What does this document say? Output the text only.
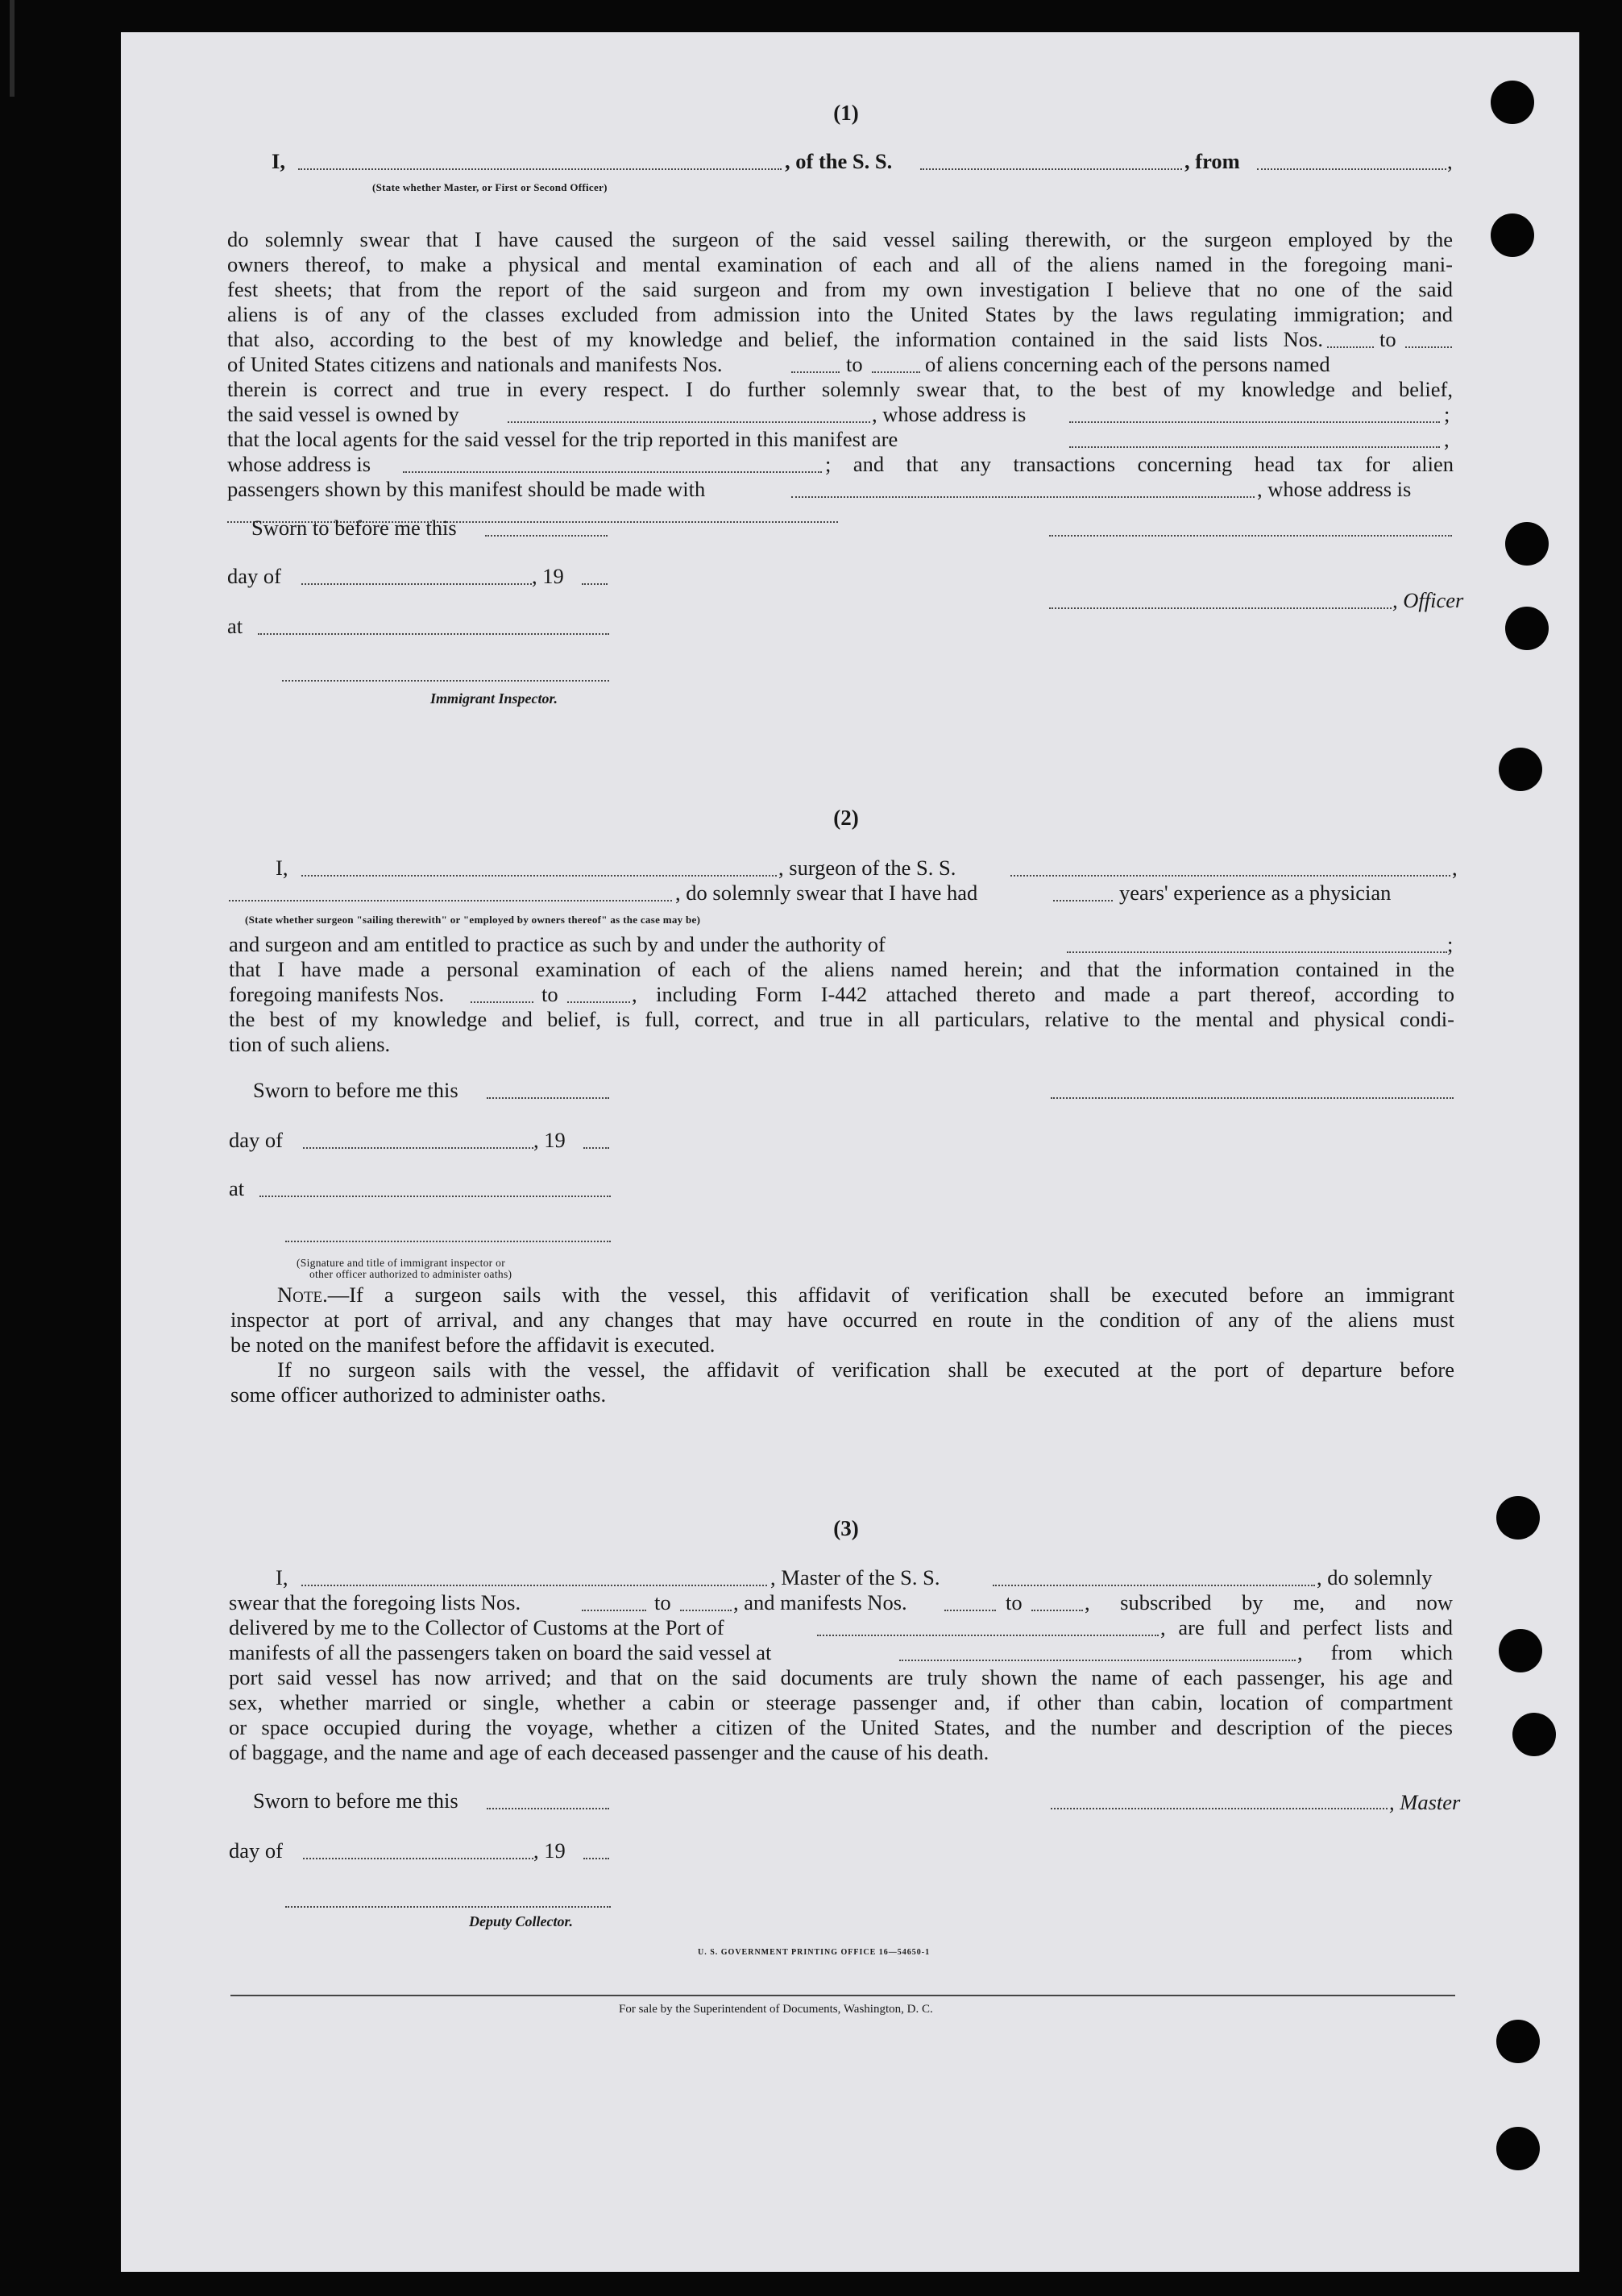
(1)
I,	, of the S. S.	, from	,
(State whether Master, or First or Second Officer)
do solemnly swear that I have caused the surgeon of the said vessel sailing therewith, or the surgeon employed by the
owners thereof, to make a physical and mental examination of each and all of the aliens named in the foregoing mani-
fest sheets; that from the report of the said surgeon and from my own investigation I believe that no one of the said
aliens is of any of the classes excluded from admission into the United States by the laws regulating immigration; and
that also, according to the best of my knowledge and belief, the information contained in the said lists Nos.	to
of United States citizens and nationals and manifests Nos.	to	of aliens concerning each of the persons named
therein is correct and true in every respect. I do further solemnly swear that, to the best of my knowledge and belief,
the said vessel is owned by	, whose address is	;
that the local agents for the said vessel for the trip reported in this manifest are	,
whose address is	; and that any transactions concerning head tax for alien
passengers shown by this manifest should be made with	, whose address is
Sworn to before me this
day of	, 19
at
Immigrant Inspector.
, Officer
(2)
I,	, surgeon of the S. S.	,
, do solemnly swear that I have had	years' experience as a physician
(State whether surgeon "sailing therewith" or "employed by owners thereof" as the case may be)
and surgeon and am entitled to practice as such by and under the authority of	;
that I have made a personal examination of each of the aliens named herein; and that the information contained in the
foregoing manifests Nos.	to	, including Form I-442 attached thereto and made a part thereof, according to
the best of my knowledge and belief, is full, correct, and true in all particulars, relative to the mental and physical condi-
tion of such aliens.
Sworn to before me this
day of	, 19
at
(Signature and title of immigrant inspector or
other officer authorized to administer oaths)
Note.—If a surgeon sails with the vessel, this affidavit of verification shall be executed before an immigrant
inspector at port of arrival, and any changes that may have occurred en route in the condition of any of the aliens must
be noted on the manifest before the affidavit is executed.
If no surgeon sails with the vessel, the affidavit of verification shall be executed at the port of departure before
some officer authorized to administer oaths.
(3)
I,	, Master of the S. S.	, do solemnly
swear that the foregoing lists Nos.	to	, and manifests Nos.	to	, subscribed by me, and now
delivered by me to the Collector of Customs at the Port of	, are full and perfect lists and
manifests of all the passengers taken on board the said vessel at	, from which
port said vessel has now arrived; and that on the said documents are truly shown the name of each passenger, his age and
sex, whether married or single, whether a cabin or steerage passenger and, if other than cabin, location of compartment
or space occupied during the voyage, whether a citizen of the United States, and the number and description of the pieces
of baggage, and the name and age of each deceased passenger and the cause of his death.
Sworn to before me this
day of	, 19
Deputy Collector.
, Master
U. S. GOVERNMENT PRINTING OFFICE 16—54650-1
For sale by the Superintendent of Documents, Washington, D. C.
